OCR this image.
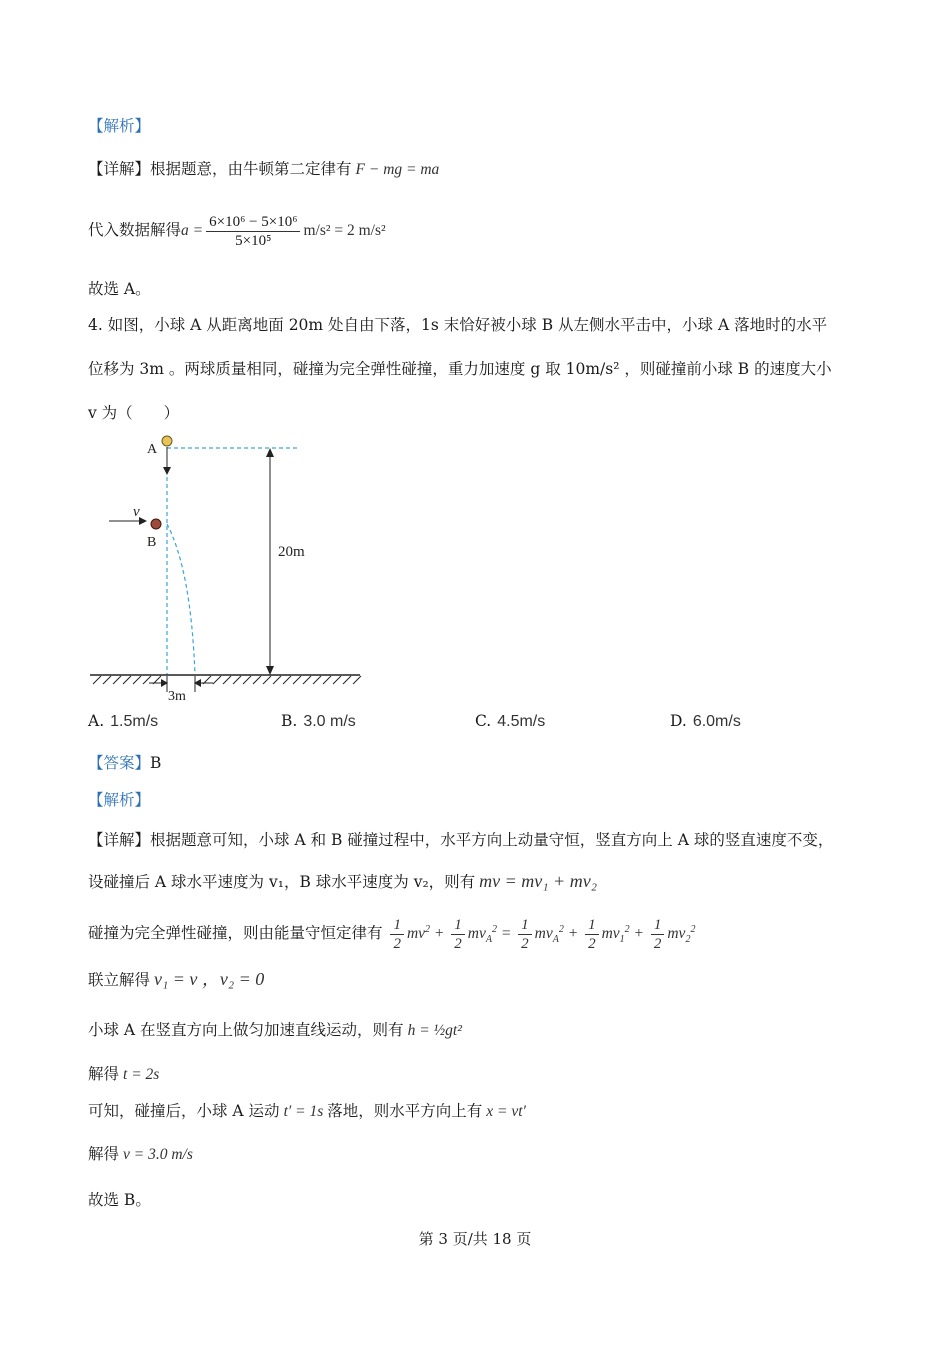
【解析】
【详解】根据题意，由牛顿第二定律有 F − mg = ma
代入数据解得$a = \frac{\text{6×10⁶ − 5×10⁶}}{\text{5×10⁵}} m/s^2 = 2$ m/s²
故选 A。
4. 如图，小球 A 从距离地面 20m 处自由下落，1s 末恰好被小球 B 从左侧水平击中，小球 A 落地时的水平
位移为 3m 。两球质量相同，碰撞为完全弹性碰撞，重力加速度 g 取 10m/s² ，则碰撞前小球 B 的速度大小
v 为（　　）
A
B
v
20m
3m
A. 1.5m/s	B. 3.0 m/s	C. 4.5m/s	D. 6.0m/s
【答案】B
【解析】
【详解】根据题意可知，小球 A 和 B 碰撞过程中，水平方向上动量守恒，竖直方向上 A 球的竖直速度不变，
设碰撞后 A 球水平速度为 v₁，B 球水平速度为 v₂，则有 mv = mv₁ + mv₂
碰撞为完全弹性碰撞，则由能量守恒定律有 $\frac{1}{2} mv^2 + \frac{1}{2} mv_A^2 = \frac{1}{2} mv_A^2 + \frac{1}{2} mv_1^2 + \frac{1}{2} mv_2^2$
联立解得 v₁ = v ，v₂ = 0
小球 A 在竖直方向上做匀加速直线运动，则有 h = ½gt²
解得 t = 2s
可知，碰撞后，小球 A 运动 t′ = 1s 落地，则水平方向上有 x = vt′
解得 v = 3.0 m/s
故选 B。
第 3 页/共 18 页
